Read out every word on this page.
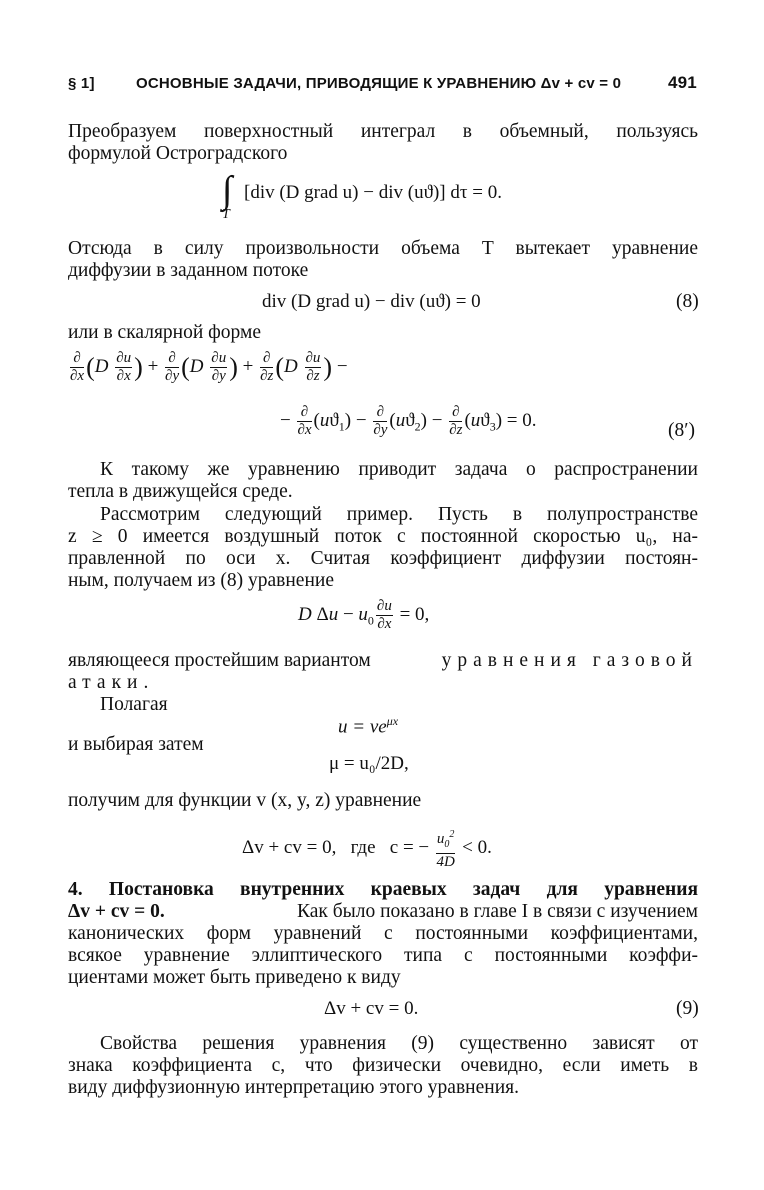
§ 1]	ОСНОВНЫЕ ЗАДАЧИ, ПРИВОДЯЩИЕ К УРАВНЕНИЮ Δv + cv = 0	491
Преобразуем поверхностный интеграл в объемный, пользуясь
формулой Остроградского
∫
T
[div (D grad u) − div (uϑ)] dτ = 0.
Отсюда в силу произвольности объема T вытекает уравнение
диффузии в заданном потоке
div (D grad u) − div (uϑ) = 0	(8)
или в скалярной форме
$\frac{\partial}{\partial x} (D \frac{\partial u}{\partial x}$ ) + $\frac{\partial}{\partial y} (D \frac{\partial u}{\partial y}$ ) + $\frac{\partial}{\partial z} (D \frac{\partial u}{\partial z}$ ) −
− $\frac{\partial}{\partial x} (uϑ_1) - \frac{\partial}{\partial y} (uϑ_2) - \frac{\partial}{\partial z} (uϑ_3) = 0$.	(8′)
К такому же уравнению приводит задача о распространении
тепла в движущейся среде.
Рассмотрим следующий пример. Пусть в полупространстве
z ≥ 0 имеется воздушный поток с постоянной скоростью u₀, на-
правленной по оси x. Считая коэффициент диффузии постоян-
ным, получаем из (8) уравнение
D $\Delta u - u_0 \frac{\partial u}{\partial x} = 0$,
являющееся простейшим вариантом	уравнения газовой
атаки.
Полагая
$u = ve^{\mu x}$
и выбирая затем
μ = u₀/2D,
получим для функции v (x, y, z) уравнение
Δv + cv = 0,   где   c = − $\frac{u_0^2}{4D} < 0$.
4. Постановка внутренних краевых задач для уравнения
Δv + cv = 0.	Как было показано в главе I в связи с изучением
канонических форм уравнений с постоянными коэффициентами,
всякое уравнение эллиптического типа с постоянными коэффи-
циентами может быть приведено к виду
Δv + cv = 0.	(9)
Свойства решения уравнения (9) существенно зависят от
знака коэффициента c, что физически очевидно, если иметь в
виду диффузионную интерпретацию этого уравнения.
